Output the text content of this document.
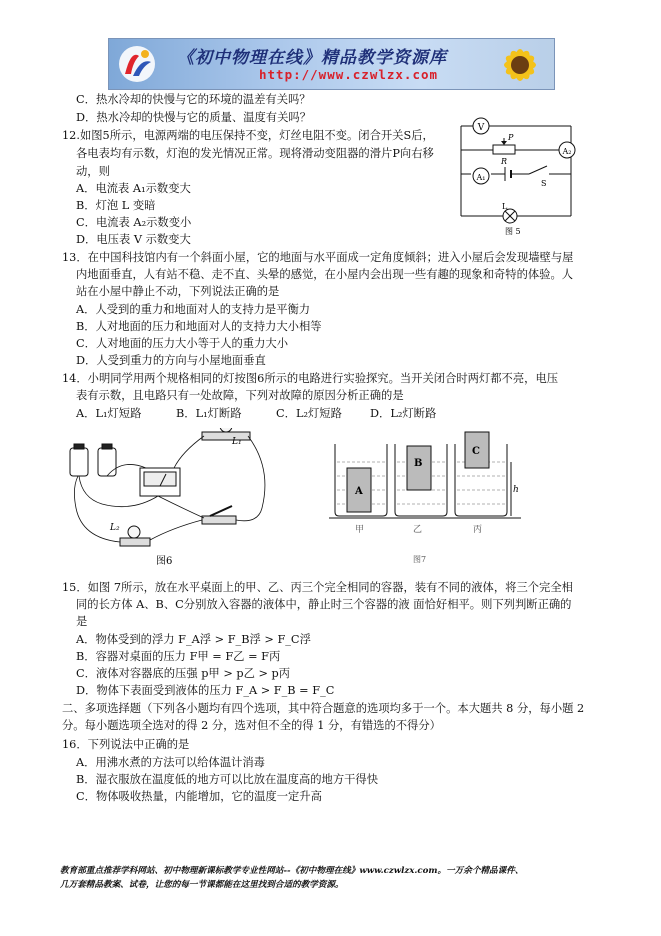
《初中物理在线》精品教学资源库
http://www.czwlzx.com
C．热水冷却的快慢与它的环境的温差有关吗？
D．热水冷却的快慢与它的质量、温度有关吗？
12.如图5所示，电源两端的电压保持不变，灯丝电阻不变。闭合开关S后，
各电表均有示数，灯泡的发光情况正常。现将滑动变阻器的滑片P向右移
动，则
A．电流表 A₁示数变大
B．灯泡 L 变暗
C．电流表 A₂示数变小
D．电压表 V 示数变大
V
A₁
A₂
P
R
S
L
图 5
13．在中国科技馆内有一个斜面小屋，它的地面与水平面成一定角度倾斜；进入小屋后会发现墙壁与屋
内地面垂直，人有站不稳、走不直、头晕的感觉，在小屋内会出现一些有趣的现象和奇特的体验。人
站在小屋中静止不动，下列说法正确的是
A．人受到的重力和地面对人的支持力是平衡力
B．人对地面的压力和地面对人的支持力大小相等
C．人对地面的压力大小等于人的重力大小
D．人受到重力的方向与小屋地面垂直
14．小明同学用两个规格相同的灯按图6所示的电路进行实验探究。当开关闭合时两灯都不亮，电压
表有示数，且电路只有一处故障，下列对故障的原因分析正确的是
A．L₁灯短路	B．L₁灯断路	C．L₂灯短路 D．L₂灯断路
L₁
L₂
图6
A
B
C
h
甲	乙	丙
图7
15．如图 7所示，放在水平桌面上的甲、乙、丙三个完全相同的容器，装有不同的液体，将三个完全相
同的长方体 A、B、C分别放入容器的液体中，静止时三个容器的液 面恰好相平。则下列判断正确的
是
A．物体受到的浮力 F_A浮 > F_B浮 > F_C浮
B．容器对桌面的压力 F甲 = F乙 = F丙
C．液体对容器底的压强 p甲 > p乙 > p丙
D．物体下表面受到液体的压力 F_A > F_B = F_C
二、多项选择题（下列各小题均有四个选项，其中符合题意的选项均多于一个。本大题共 8 分，每小题 2
分。每小题选项全选对的得 2 分，选对但不全的得 1 分，有错选的不得分）
16．下列说法中正确的是
A．用沸水煮的方法可以给体温计消毒
B．湿衣服放在温度低的地方可以比放在温度高的地方干得快
C．物体吸收热量，内能增加，它的温度一定升高
教育部重点推荐学科网站、初中物理新课标教学专业性网站--《初中物理在线》www.czwlzx.com。一万余个精品课件、
几万套精品教案、试卷，让您的每一节课都能在这里找到合适的教学资源。
